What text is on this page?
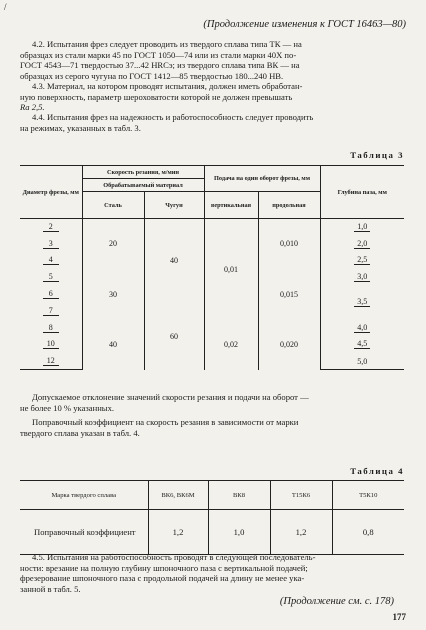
/
(Продолжение изменения к ГОСТ 16463—80)
4.2. Испытания фрез следует проводить из твердого сплава типа ТК — на
образцах из стали марки 45 по ГОСТ 1050—74 или из стали марки 40Х по-
ГОСТ 4543—71 твердостью 37...42 HRCэ; из твердого сплава типа ВК — на
образцах из серого чугуна по ГОСТ 1412—85 твердостью 180...240 НВ.
4.3. Материал, на котором проводят испытания, должен иметь обработан-
ную поверхность, параметр шероховатости которой не должен превышать
Ra 2,5.
4.4. Испытания фрез на надежность и работоспособность следует проводить
на режимах, указанных в табл. 3.
Таблица 3
Диаметр фрезы, мм	Скорость резания, м/мин		Подача на один оборот фрезы, мм		Глубина паза, мм
	Обрабатываемый материал				
	Сталь	Чугун	вертикальная	продольная	
2	20	40	0,01	0,010	1,0
3					2,0
4					2,5
5	30			0,015	3,0
6					3,5
7		60			
8	40		0,02	0,020	4,0
10					4,5
12					5,0
Допускаемое отклонение значений скорости резания и подачи на оборот —
не более 10 % указанных.
Поправочный коэффициент на скорость резания в зависимости от марки
твердого сплава указан в табл. 4.
Таблица 4
Марка твердого сплава	ВК6, ВК6М	ВК8	Т15К6	Т5К10
Поправочный коэффициент	1,2	1,0	1,2	0,8
4.5. Испытания на работоспособность проводят в следующей последователь-
ности: врезание на полную глубину шпоночного паза с вертикальной подачей;
фрезерование шпоночного паза с продольной подачей на длину не менее ука-
занной в табл. 5.
(Продолжение см. с. 178)
177
